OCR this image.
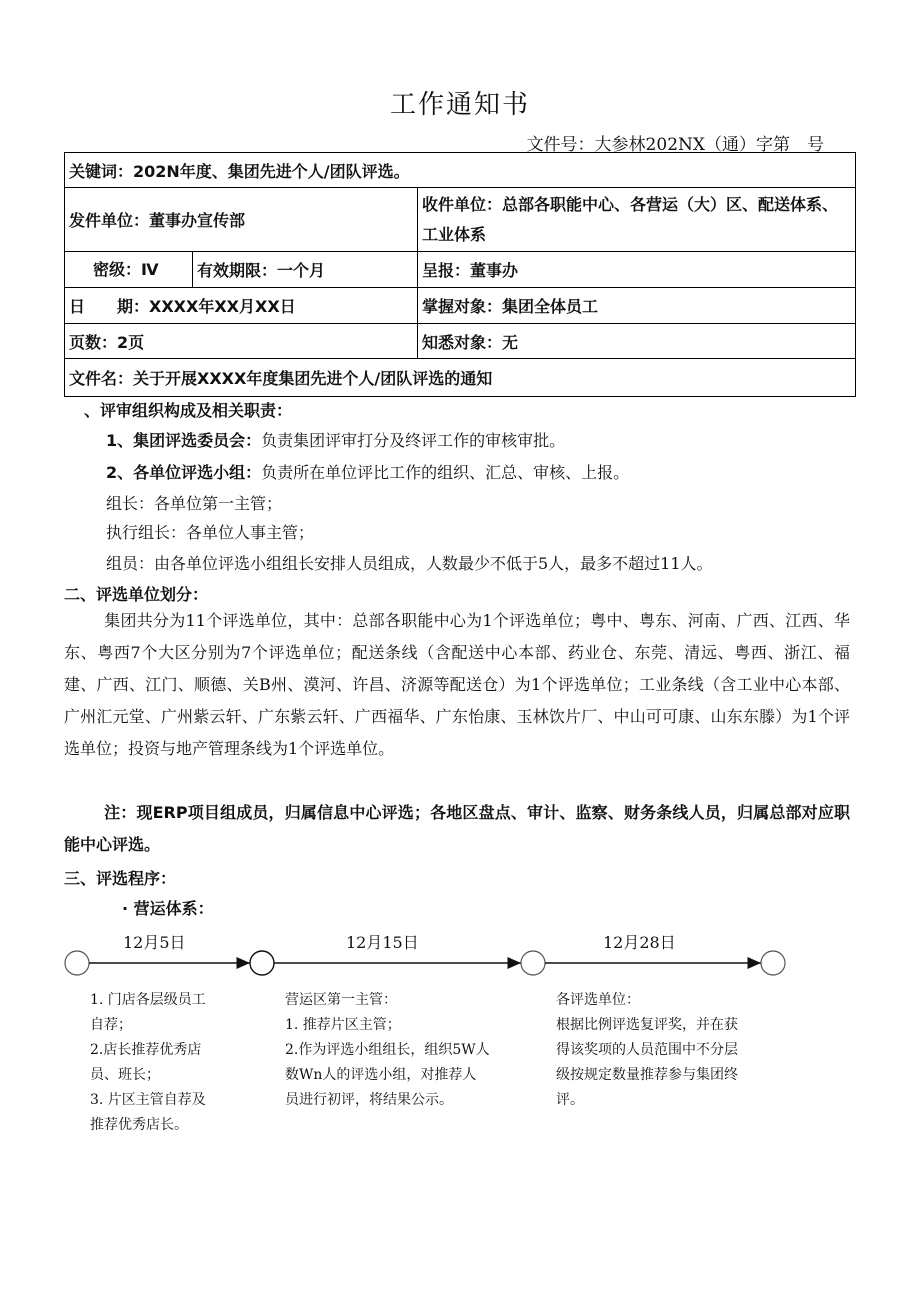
工作通知书
文件号：大参林202NX（通）字第　号
关键词：202N年度、集团先进个人/团队评选。	
发件单位：董事办宣传部	收件单位：总部各职能中心、各营运（大）区、配送体系、工业体系

密级：Ⅳ 有效期限：一个月	呈报：董事办
日　　期：XXXX年XX月XX日	掌握对象：集团全体员工
页数：2页	知悉对象：无
文件名：关于开展XXXX年度集团先进个人/团队评选的通知	
、评审组织构成及相关职责：
1、集团评选委员会：负责集团评审打分及终评工作的审核审批。
2、各单位评选小组：负责所在单位评比工作的组织、汇总、审核、上报。
组长：各单位第一主管；
执行组长：各单位人事主管；
组员：由各单位评选小组组长安排人员组成，人数最少不低于5人，最多不超过11人。
二、评选单位划分：
集团共分为11个评选单位，其中：总部各职能中心为1个评选单位；粤中、粤东、河南、广西、江西、华东、粤西7个大区分别为7个评选单位；配送条线（含配送中心本部、药业仓、东莞、清远、粤西、浙江、福建、广西、江门、顺德、关B州、漠河、许昌、济源等配送仓）为1个评选单位；工业条线（含工业中心本部、广州汇元堂、广州紫云轩、广东紫云轩、广西福华、广东怡康、玉林饮片厂、中山可可康、山东东滕）为1个评选单位；投资与地产管理条线为1个评选单位。
注：现ERP项目组成员，归属信息中心评选；各地区盘点、审计、监察、财务条线人员，归属总部对应职能中心评选。
三、评选程序：
· 营运体系：
12月5日	12月15日	12月28日
1. 门店各层级员工
自荐；
2.店长推荐优秀店
员、班长；
3. 片区主管自荐及
推荐优秀店长。
营运区第一主管：
1. 推荐片区主管；
2.作为评选小组组长，组织5W人
数Wn人的评选小组，对推荐人
员进行初评，将结果公示。
各评选单位：
根据比例评选复评奖，并在获
得该奖项的人员范围中不分层
级按规定数量推荐参与集团终
评。
